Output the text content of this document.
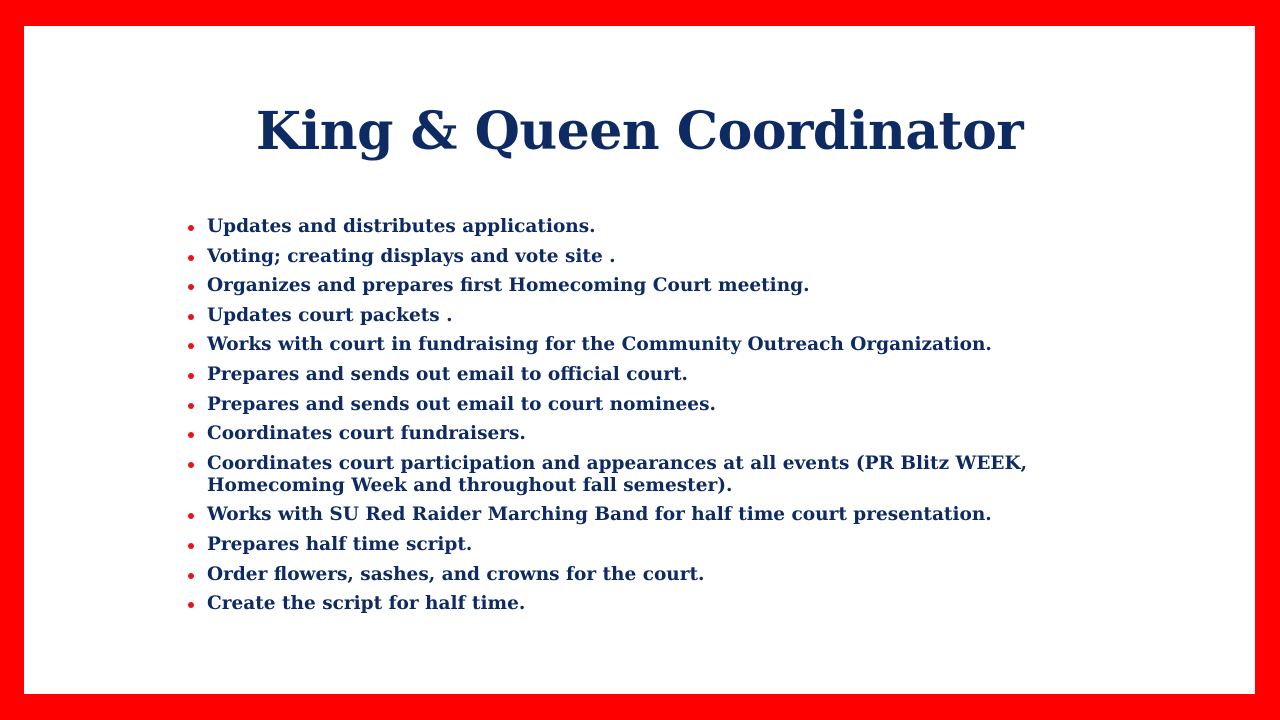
King & Queen Coordinator
Updates and distributes applications.
Voting; creating displays and vote site .
Organizes and prepares first Homecoming Court meeting.
Updates court packets .
Works with court in fundraising for the Community Outreach Organization.
Prepares and sends out email to official court.
Prepares and sends out email to court nominees.
Coordinates court fundraisers.
Coordinates court participation and appearances at all events (PR Blitz WEEK, Homecoming Week and throughout fall semester).
Works with SU Red Raider Marching Band for half time court presentation.
Prepares half time script.
Order flowers, sashes, and crowns for the court.
Create the script for half time.
